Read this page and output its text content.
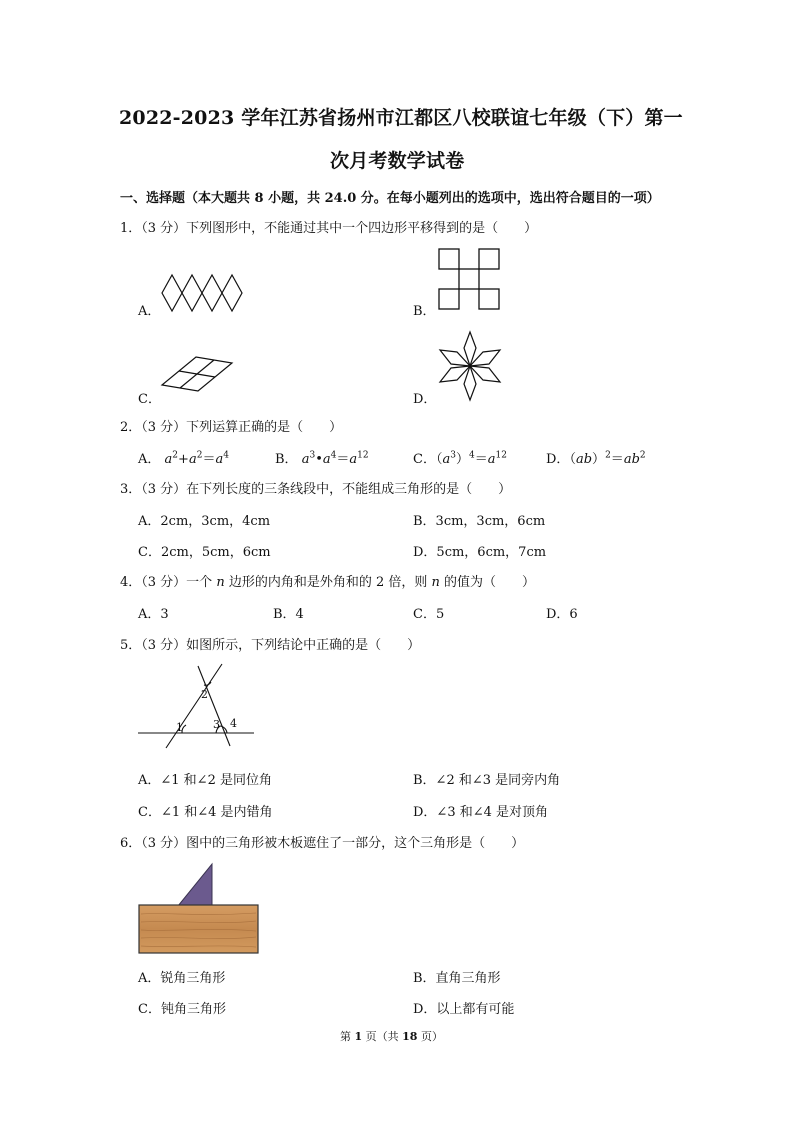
2022-2023 学年江苏省扬州市江都区八校联谊七年级（下）第一
次月考数学试卷
一、选择题（本大题共 8 小题，共 24.0 分。在每小题列出的选项中，选出符合题目的一项）
1．（3 分）下列图形中，不能通过其中一个四边形平移得到的是（　　）
A．	B．
C．	D．
2．（3 分）下列运算正确的是（　　）
A． $a^2+a^2=a^4$	B． $a^3•a^4=a^{12}$	C．$(a^3)^4=a^{12}$	D．$(ab)^2=ab^2$
3．（3 分）在下列长度的三条线段中，不能组成三角形的是（　　）
A．2cm，3cm，4cm	B．3cm，3cm，6cm
C．2cm，5cm，6cm	D．5cm，6cm，7cm
4．（3 分）一个 n 边形的内角和是外角和的 2 倍，则 n 的值为（　　）
A．3	B．4	C．5	D．6
5．（3 分）如图所示，下列结论中正确的是（　　）
1
2
3 4
A．∠1 和∠2 是同位角	B．∠2 和∠3 是同旁内角
C．∠1 和∠4 是内错角	D．∠3 和∠4 是对顶角
6．（3 分）图中的三角形被木板遮住了一部分，这个三角形是（　　）
A．锐角三角形	B．直角三角形
C．钝角三角形	D．以上都有可能
第 1 页（共 18 页）
